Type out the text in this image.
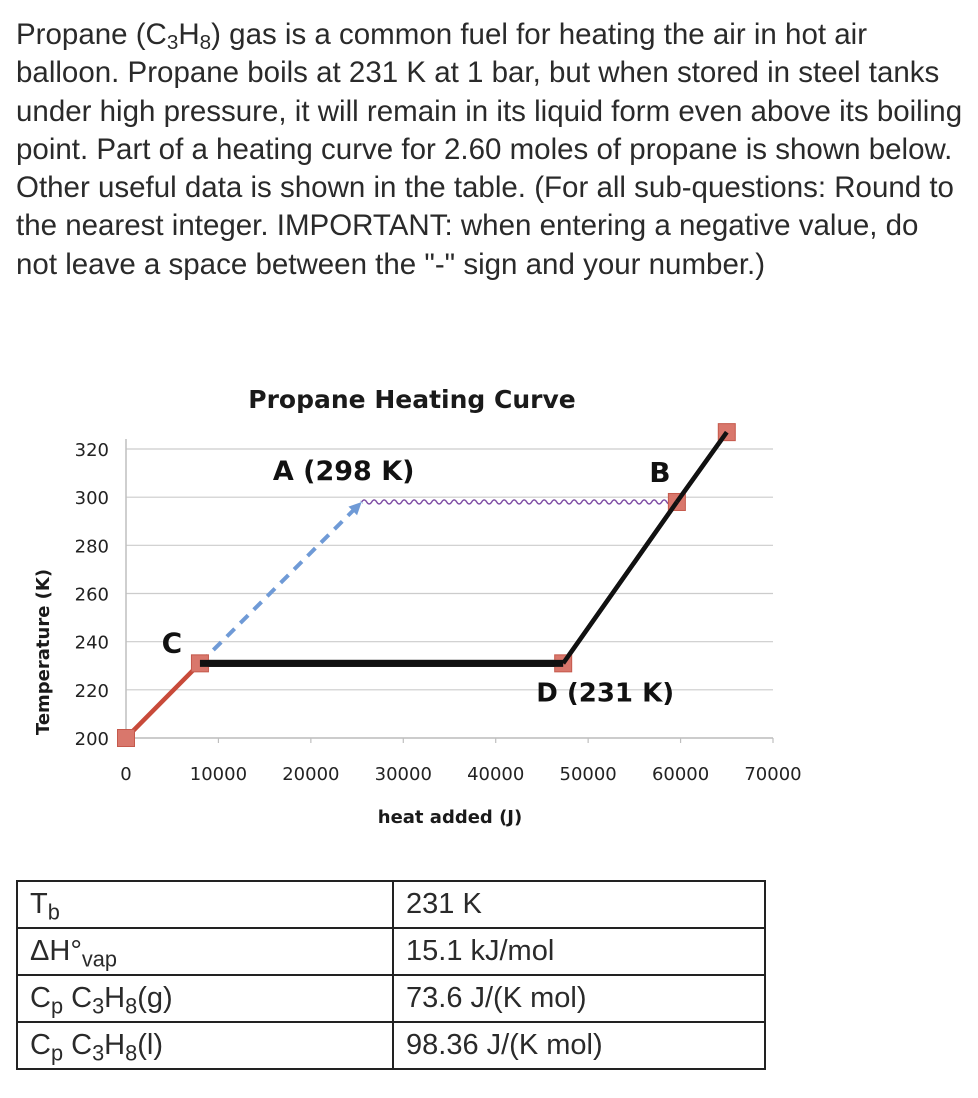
Propane $(C_3H_8)$ gas is a common fuel for heating the air in hot air balloon. Propane boils at 231 K at 1 bar, but when stored in steel tanks under high pressure, it will remain in its liquid form even above its boiling point. Part of a heating curve for 2.60 moles of propane is shown below. Other useful data is shown in the table. (For all sub-questions: Round to the nearest integer. IMPORTANT: when entering a negative value, do not leave a space between the "-" sign and your number.)

200
220
240
260
280
300
320
0	10000 20000 30000 40000 50000 60000 70000
A (298 K)	B
C
D (231 K)
Propane Heating Curve
heat added (J)
Temperature (K)
$T_b$	231 K
$\Delta H^\circ_{vap}$	15.1 kJ/mol
$C_p$ $C_3H_8(g)$	73.6 J/(K mol)
$C_p$ $C_3H_8(l)$	98.36 J/(K mol)
